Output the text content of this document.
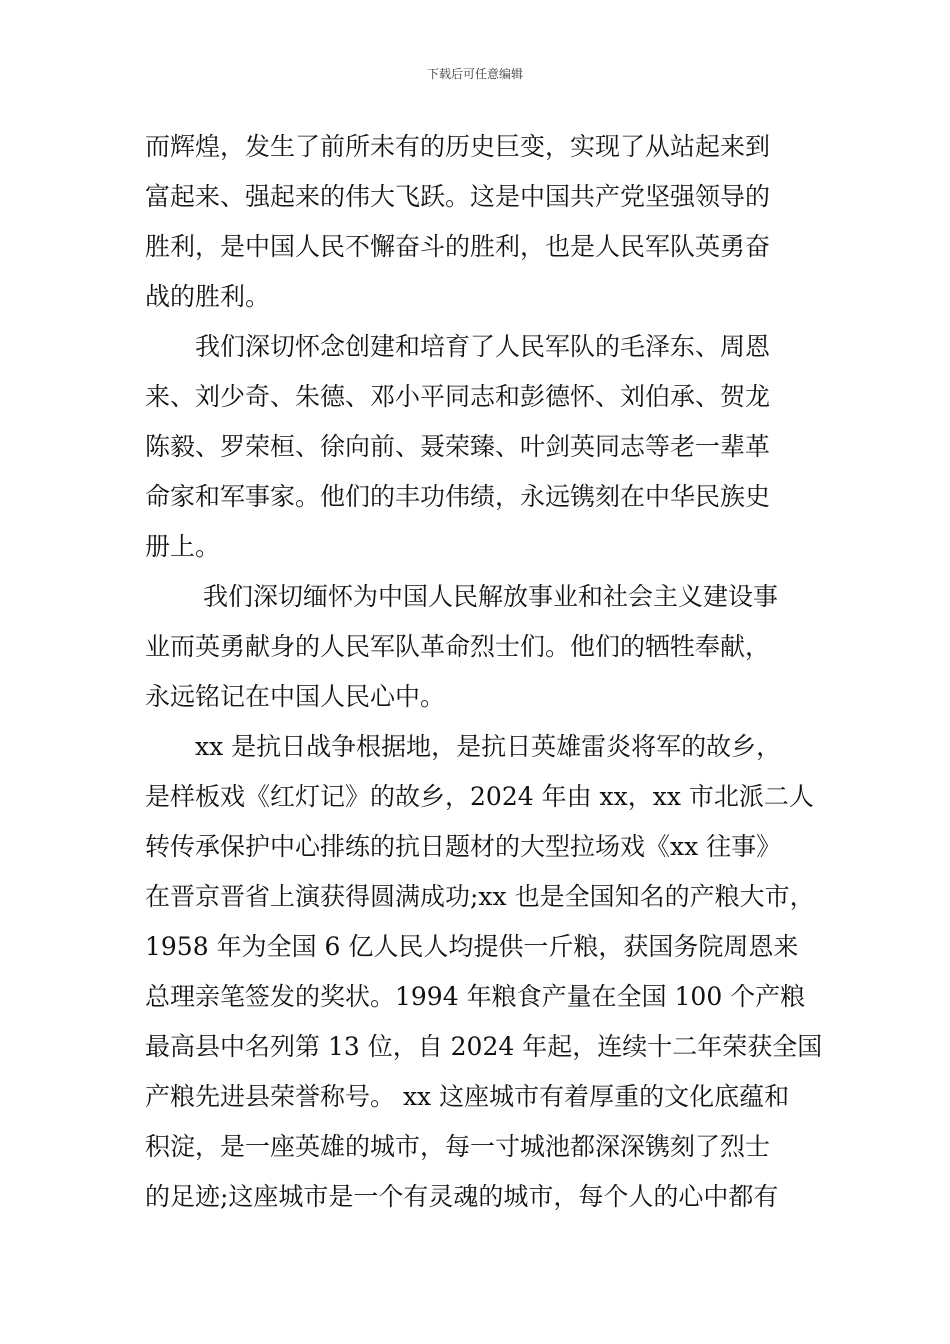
下载后可任意编辑
而辉煌，发生了前所未有的历史巨变，实现了从站起来到
富起来、强起来的伟大飞跃。这是中国共产党坚强领导的
胜利，是中国人民不懈奋斗的胜利，也是人民军队英勇奋
战的胜利。
我们深切怀念创建和培育了人民军队的毛泽东、周恩
来、刘少奇、朱德、邓小平同志和彭德怀、刘伯承、贺龙
陈毅、罗荣桓、徐向前、聂荣臻、叶剑英同志等老一辈革
命家和军事家。他们的丰功伟绩，永远镌刻在中华民族史
册上。
我们深切缅怀为中国人民解放事业和社会主义建设事
业而英勇献身的人民军队革命烈士们。他们的牺牲奉献，
永远铭记在中国人民心中。
xx 是抗日战争根据地，是抗日英雄雷炎将军的故乡，
是样板戏《红灯记》的故乡，2024 年由 xx，xx 市北派二人
转传承保护中心排练的抗日题材的大型拉场戏《xx 往事》
在晋京晋省上演获得圆满成功;xx 也是全国知名的产粮大市，
1958 年为全国 6 亿人民人均提供一斤粮，获国务院周恩来
总理亲笔签发的奖状。1994 年粮食产量在全国 100 个产粮
最高县中名列第 13 位，自 2024 年起，连续十二年荣获全国
产粮先进县荣誉称号。 xx 这座城市有着厚重的文化底蕴和
积淀，是一座英雄的城市，每一寸城池都深深镌刻了烈士
的足迹;这座城市是一个有灵魂的城市，每个人的心中都有
